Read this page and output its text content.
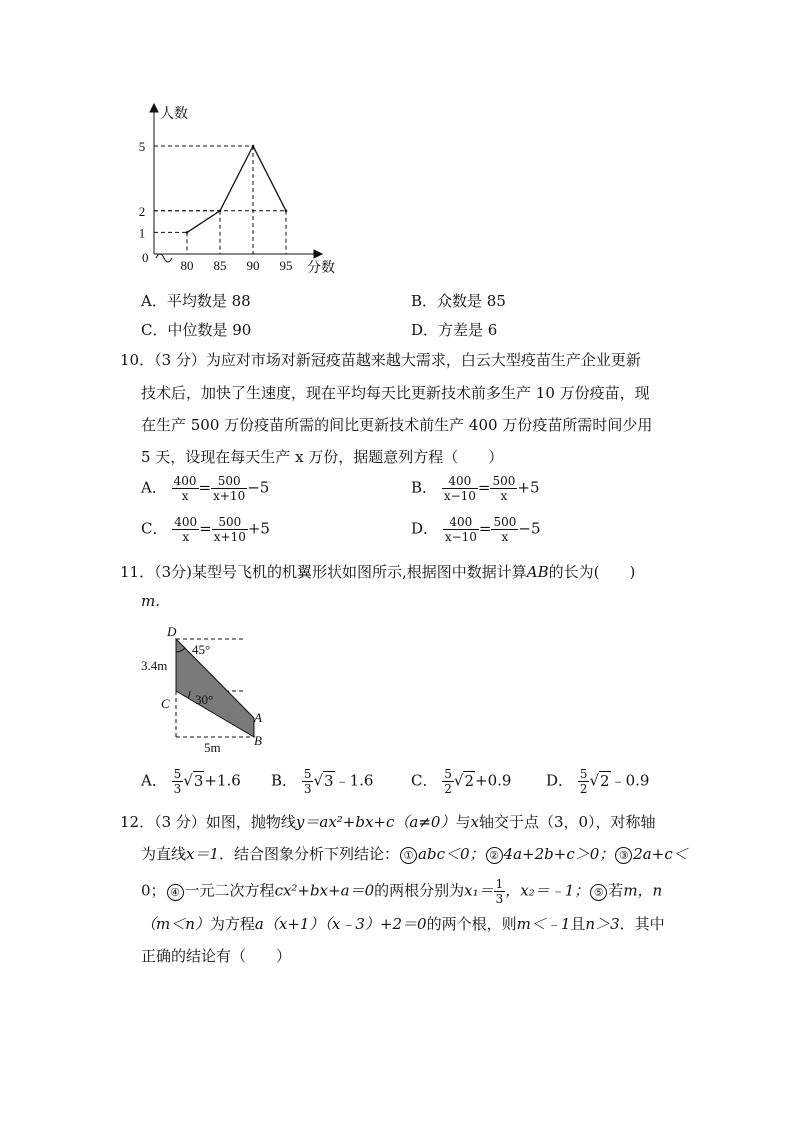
人数
分数
0
80 85 90 95
1
2
5
A．平均数是 88	B．众数是 85
C．中位数是 90	D．方差是 6
10．（3 分）为应对市场对新冠疫苗越来越大需求，白云大型疫苗生产企业更新
技术后，加快了生速度，现在平均每天比更新技术前多生产 10 万份疫苗，现
在生产 500 万份疫苗所需的间比更新技术前生产 400 万份疫苗所需时间少用
5 天，设现在每天生产 x 万份，据题意列方程（　　）
A． $\frac{400}{x} = \frac{500}{x+10} -5$	B． $\frac{400}{x-10} = \frac{500}{x} +5$
C． $\frac{400}{x} = \frac{500}{x+10} +5$	D． $\frac{400}{x-10} = \frac{500}{x} -5$
11．（3分)某型号飞机的机翼形状如图所示,根据图中数据计算AB的长为(　　)
m.
D
45°
3.4m
C 30°
A
B
5m
A． $\frac{5}{3} √3+1.6$ B． $\frac{5}{3}$ √3﹣1.6	C． $\frac{5}{2} √2+0.9$ D． $\frac{5}{2}$ √2﹣0.9
12．（3 分）如图，抛物线y＝ax²+bx+c（a≠0）与x轴交于点（3，0），对称轴
为直线x＝1．结合图象分析下列结论： ① abc＜0； ② 4a+2b+c＞0； ③ 2a+c＜
0； ④ 一元二次方程cx²+bx+a＝0的两根分别为$x_1= \frac{1}{3}$ ，x₂＝﹣1； ⑤ 若m，n
（m＜n）为方程a（x+1）（x﹣3）+2＝0的两个根，则m＜﹣1且n＞3．其中
正确的结论有（　　）
